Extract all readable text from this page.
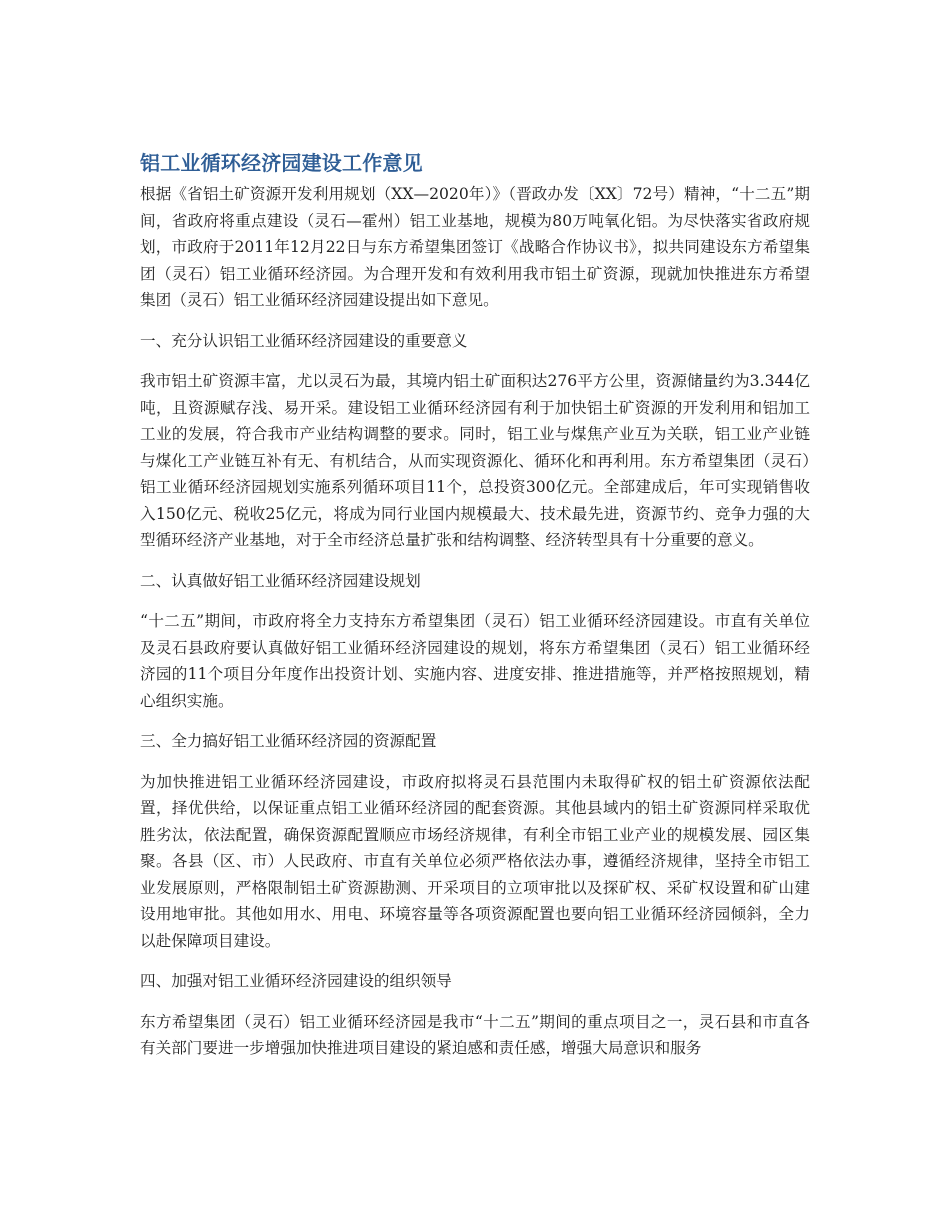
铝工业循环经济园建设工作意见

根据《省铝土矿资源开发利用规划（XX—2020年）》（晋政办发〔XX〕72号）精神，“十二五”期间，省政府将重点建设（灵石—霍州）铝工业基地，规模为80万吨氧化铝。为尽快落实省政府规划，市政府于2011年12月22日与东方希望集团签订《战略合作协议书》，拟共同建设东方希望集团（灵石）铝工业循环经济园。为合理开发和有效利用我市铝土矿资源，现就加快推进东方希望集团（灵石）铝工业循环经济园建设提出如下意见。

一、充分认识铝工业循环经济园建设的重要意义

我市铝土矿资源丰富，尤以灵石为最，其境内铝土矿面积达276平方公里，资源储量约为3.344亿吨，且资源赋存浅、易开采。建设铝工业循环经济园有利于加快铝土矿资源的开发利用和铝加工工业的发展，符合我市产业结构调整的要求。同时，铝工业与煤焦产业互为关联，铝工业产业链与煤化工产业链互补有无、有机结合，从而实现资源化、循环化和再利用。东方希望集团（灵石）铝工业循环经济园规划实施系列循环项目11个，总投资300亿元。全部建成后，年可实现销售收入150亿元、税收25亿元，将成为同行业国内规模最大、技术最先进，资源节约、竞争力强的大型循环经济产业基地，对于全市经济总量扩张和结构调整、经济转型具有十分重要的意义。

二、认真做好铝工业循环经济园建设规划

“十二五”期间，市政府将全力支持东方希望集团（灵石）铝工业循环经济园建设。市直有关单位及灵石县政府要认真做好铝工业循环经济园建设的规划，将东方希望集团（灵石）铝工业循环经济园的11个项目分年度作出投资计划、实施内容、进度安排、推进措施等，并严格按照规划，精心组织实施。

三、全力搞好铝工业循环经济园的资源配置

为加快推进铝工业循环经济园建设，市政府拟将灵石县范围内未取得矿权的铝土矿资源依法配置，择优供给，以保证重点铝工业循环经济园的配套资源。其他县域内的铝土矿资源同样采取优胜劣汰，依法配置，确保资源配置顺应市场经济规律，有利全市铝工业产业的规模发展、园区集聚。各县（区、市）人民政府、市直有关单位必须严格依法办事，遵循经济规律，坚持全市铝工业发展原则，严格限制铝土矿资源勘测、开采项目的立项审批以及探矿权、采矿权设置和矿山建设用地审批。其他如用水、用电、环境容量等各项资源配置也要向铝工业循环经济园倾斜，全力以赴保障项目建设。

四、加强对铝工业循环经济园建设的组织领导

东方希望集团（灵石）铝工业循环经济园是我市“十二五”期间的重点项目之一，灵石县和市直各有关部门要进一步增强加快推进项目建设的紧迫感和责任感，增强大局意识和服务
